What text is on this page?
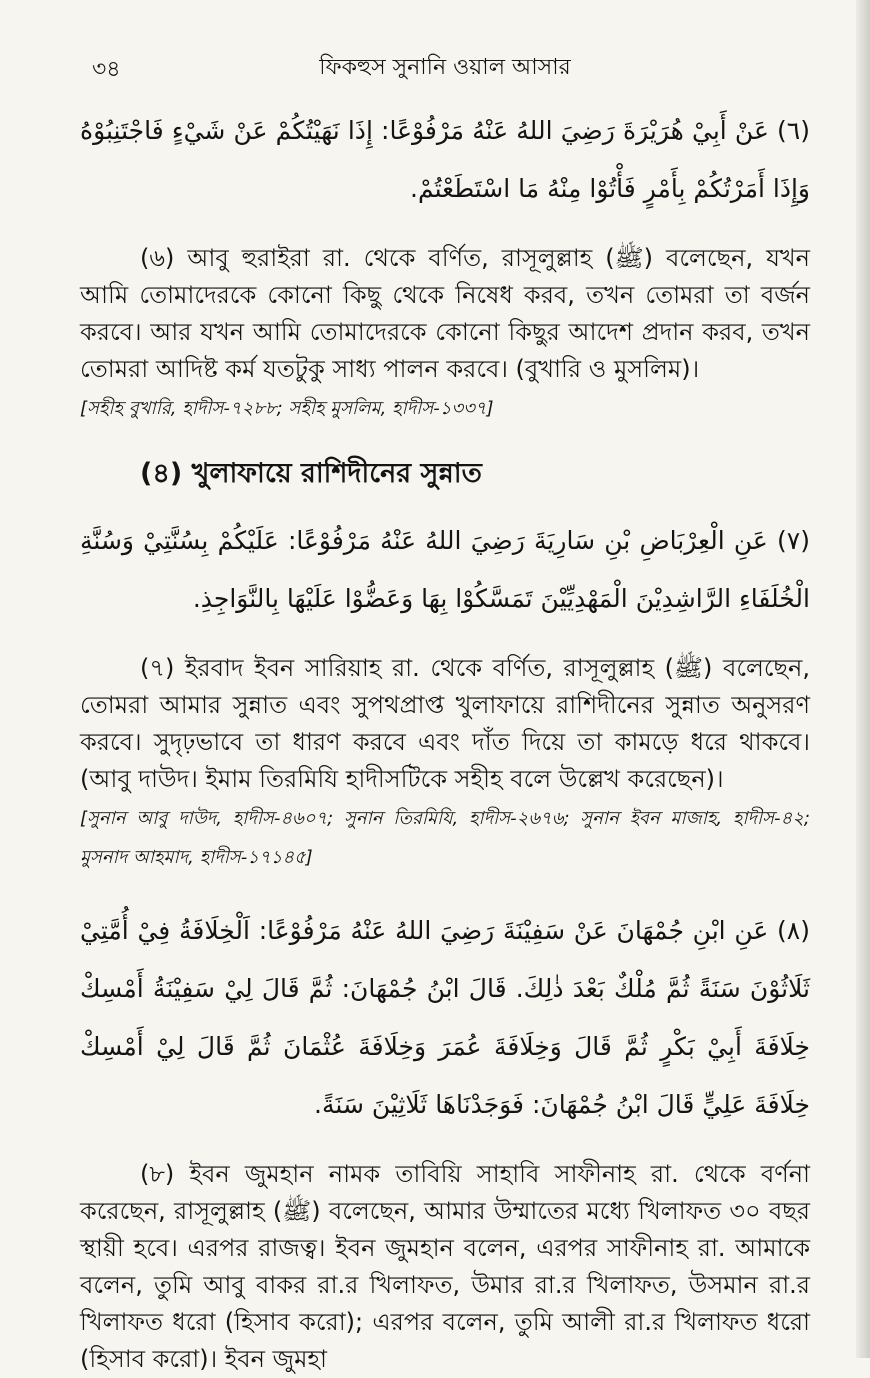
৩৪	ফিকহুস সুনানি ওয়াল আসার

(٦) عَنْ أَبِيْ هُرَيْرَةَ رَضِيَ اللهُ عَنْهُ مَرْفُوْعًا: إِذَا نَهَيْتُكُمْ عَنْ شَيْءٍ فَاجْتَنِبُوْهُ وَإِذَا أَمَرْتُكُمْ بِأَمْرٍ فَأْتُوْا مِنْهُ مَا اسْتَطَعْتُمْ.

(৬) আবু হুরাইরা রা. থেকে বর্ণিত, রাসূলুল্লাহ (ﷺ) বলেছেন, যখন আমি তোমাদেরকে কোনো কিছু থেকে নিষেধ করব, তখন তোমরা তা বর্জন করবে। আর যখন আমি তোমাদেরকে কোনো কিছুর আদেশ প্রদান করব, তখন তোমরা আদিষ্ট কর্ম যতটুকু সাধ্য পালন করবে। (বুখারি ও মুসলিম)।
[সহীহ বুখারি, হাদীস-৭২৮৮; সহীহ মুসলিম, হাদীস-১৩৩৭]

(৪) খুলাফায়ে রাশিদীনের সুন্নাত

(٧) عَنِ الْعِرْبَاضِ بْنِ سَارِيَةَ رَضِيَ اللهُ عَنْهُ مَرْفُوْعًا: عَلَيْكُمْ بِسُنَّتِيْ وَسُنَّةِ الْخُلَفَاءِ الرَّاشِدِيْنَ الْمَهْدِيِّيْنَ تَمَسَّكُوْا بِهَا وَعَضُّوْا عَلَيْهَا بِالنَّوَاجِذِ.

(৭) ইরবাদ ইবন সারিয়াহ রা. থেকে বর্ণিত, রাসূলুল্লাহ (ﷺ) বলেছেন, তোমরা আমার সুন্নাত এবং সুপথপ্রাপ্ত খুলাফায়ে রাশিদীনের সুন্নাত অনুসরণ করবে। সুদৃঢ়ভাবে তা ধারণ করবে এবং দাঁত দিয়ে তা কামড়ে ধরে থাকবে। (আবু দাউদ। ইমাম তিরমিযি হাদীসটিকে সহীহ বলে উল্লেখ করেছেন)।
[সুনান আবু দাউদ, হাদীস-৪৬০৭; সুনান তিরমিযি, হাদীস-২৬৭৬; সুনান ইবন মাজাহ, হাদীস-৪২; মুসনাদ আহমাদ, হাদীস-১৭১৪৫]

(٨) عَنِ ابْنِ جُمْهَانَ عَنْ سَفِيْنَةَ رَضِيَ اللهُ عَنْهُ مَرْفُوْعًا: اَلْخِلَافَةُ فِيْ أُمَّتِيْ ثَلَاثُوْنَ سَنَةً ثُمَّ مُلْكٌ بَعْدَ ذٰلِكَ. قَالَ ابْنُ جُمْهَانَ: ثُمَّ قَالَ لِيْ سَفِيْنَةُ أَمْسِكْ خِلَافَةَ أَبِيْ بَكْرٍ ثُمَّ قَالَ وَخِلَافَةَ عُمَرَ وَخِلَافَةَ عُثْمَانَ ثُمَّ قَالَ لِيْ أَمْسِكْ خِلَافَةَ عَلِيٍّ قَالَ ابْنُ جُمْهَانَ: فَوَجَدْنَاهَا ثَلَاثِيْنَ سَنَةً.

(৮) ইবন জুমহান নামক তাবিয়ি সাহাবি সাফীনাহ রা. থেকে বর্ণনা করেছেন, রাসূলুল্লাহ (ﷺ) বলেছেন, আমার উম্মাতের মধ্যে খিলাফত ৩০ বছর স্থায়ী হবে। এরপর রাজত্ব। ইবন জুমহান বলেন, এরপর সাফীনাহ রা. আমাকে বলেন, তুমি আবু বাকর রা.র খিলাফত, উমার রা.র খিলাফত, উসমান রা.র খিলাফত ধরো (হিসাব করো); এরপর বলেন, তুমি আলী রা.র খিলাফত ধরো (হিসাব করো)। ইবন জুমহা
